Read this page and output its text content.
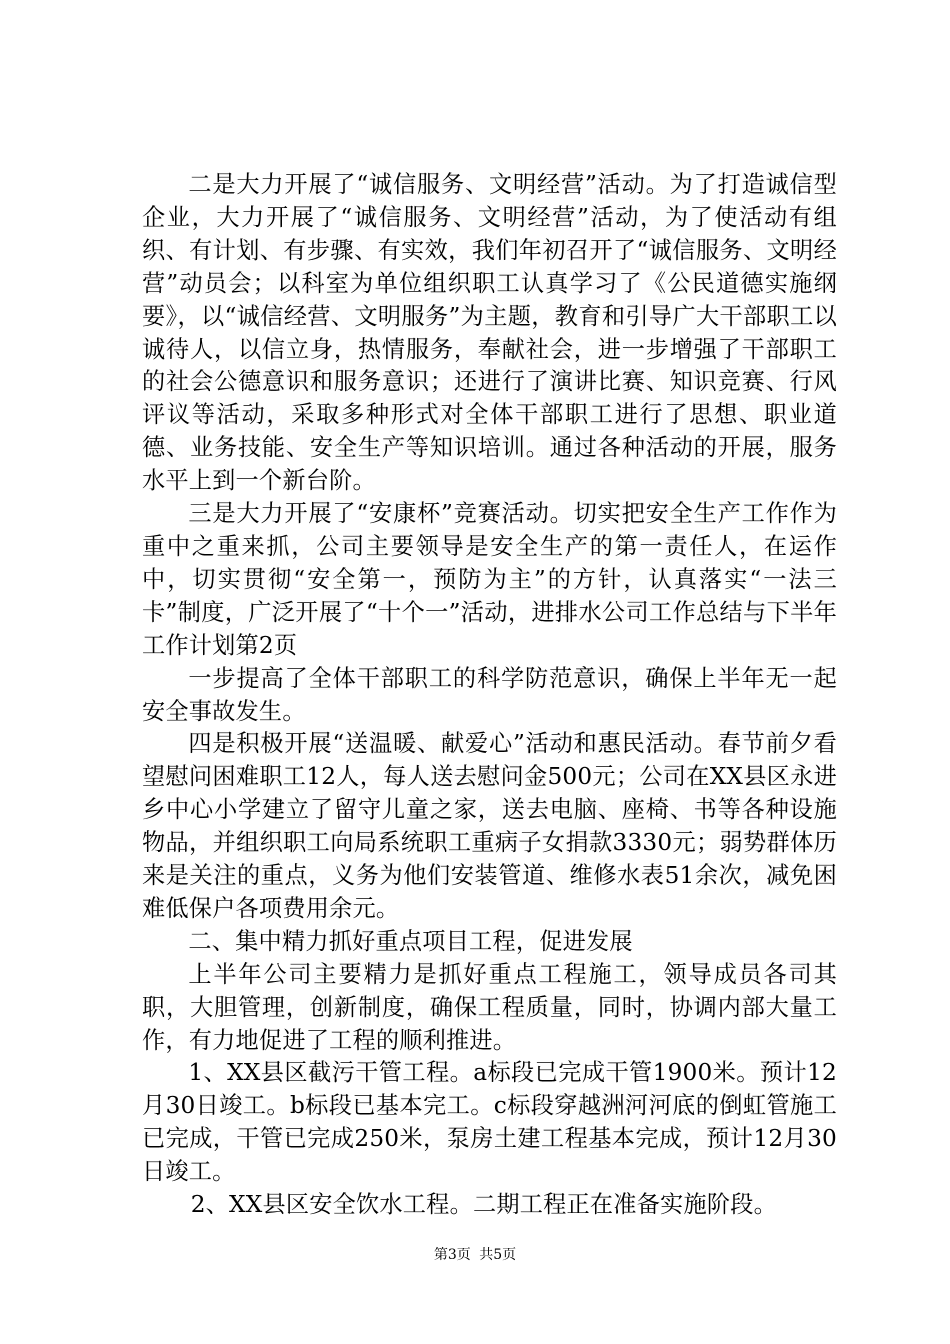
二是大力开展了“诚信服务、文明经营”活动。为了打造诚信型企业，大力开展了“诚信服务、文明经营”活动，为了使活动有组织、有计划、有步骤、有实效，我们年初召开了“诚信服务、文明经营”动员会；以科室为单位组织职工认真学习了《公民道德实施纲要》，以“诚信经营、文明服务”为主题，教育和引导广大干部职工以诚待人，以信立身，热情服务，奉献社会，进一步增强了干部职工的社会公德意识和服务意识；还进行了演讲比赛、知识竞赛、行风评议等活动，采取多种形式对全体干部职工进行了思想、职业道德、业务技能、安全生产等知识培训。通过各种活动的开展，服务水平上到一个新台阶。

三是大力开展了“安康杯”竞赛活动。切实把安全生产工作作为重中之重来抓，公司主要领导是安全生产的第一责任人，在运作中，切实贯彻“安全第一，预防为主”的方针，认真落实“一法三卡”制度，广泛开展了“十个一”活动，进排水公司工作总结与下半年工作计划第2页

一步提高了全体干部职工的科学防范意识，确保上半年无一起安全事故发生。

四是积极开展“送温暖、献爱心”活动和惠民活动。春节前夕看望慰问困难职工12人，每人送去慰问金500元；公司在XX县区永进乡中心小学建立了留守儿童之家，送去电脑、座椅、书等各种设施物品，并组织职工向局系统职工重病子女捐款3330元；弱势群体历来是关注的重点，义务为他们安装管道、维修水表51余次，减免困难低保户各项费用余元。

二、集中精力抓好重点项目工程，促进发展

上半年公司主要精力是抓好重点工程施工，领导成员各司其职，大胆管理，创新制度，确保工程质量，同时，协调内部大量工作，有力地促进了工程的顺利推进。

1、XX县区截污干管工程。a标段已完成干管1900米。预计12月30日竣工。b标段已基本完工。c标段穿越洲河河底的倒虹管施工已完成，干管已完成250米，泵房土建工程基本完成，预计12月30日竣工。

2、XX县区安全饮水工程。二期工程正在准备实施阶段。

第3页 共5页
